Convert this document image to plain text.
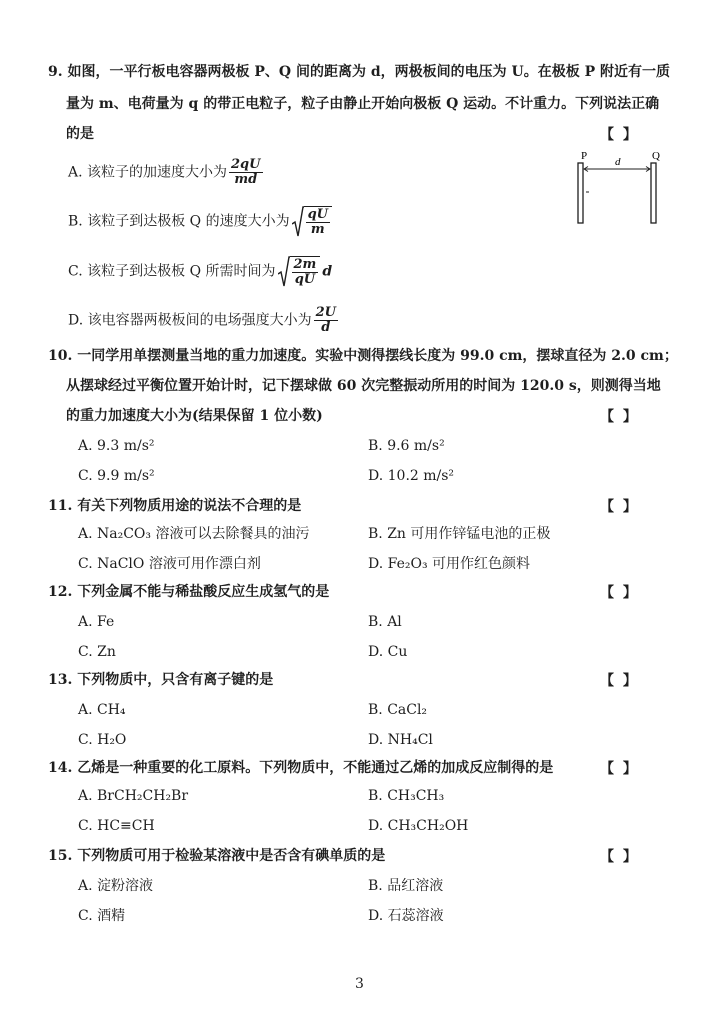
9. 如图，一平行板电容器两极板 P、Q 间的距离为 d，两极板间的电压为 U。在极板 P 附近有一质
量为 m、电荷量为 q 的带正电粒子，粒子由静止开始向极板 Q 运动。不计重力。下列说法正确
的是	【 】
A. 该粒子的加速度大小为 $\frac{2qU}{md}$
B. 该粒子到达极板 Q 的速度大小为 $\frac{qU}{m}$
C. 该粒子到达极板 Q 所需时间为 $\frac{2m}{qU}$ d
D. 该电容器两极板间的电场强度大小为 $\frac{2U}{d}$
P	Q
d
10. 一同学用单摆测量当地的重力加速度。实验中测得摆线长度为 99.0 cm，摆球直径为 2.0 cm；
从摆球经过平衡位置开始计时，记下摆球做 60 次完整振动所用的时间为 120.0 s，则测得当地
的重力加速度大小为(结果保留 1 位小数)	【 】
A. 9.3 m/s²	B. 9.6 m/s²
C. 9.9 m/s²	D. 10.2 m/s²
11. 有关下列物质用途的说法不合理的是	【 】
A. Na₂CO₃ 溶液可以去除餐具的油污	B. Zn 可用作锌锰电池的正极
C. NaClO 溶液可用作漂白剂	D. Fe₂O₃ 可用作红色颜料
12. 下列金属不能与稀盐酸反应生成氢气的是	【 】
A. Fe	B. Al
C. Zn	D. Cu
13. 下列物质中，只含有离子键的是	【 】
A. CH₄	B. CaCl₂
C. H₂O	D. NH₄Cl
14. 乙烯是一种重要的化工原料。下列物质中，不能通过乙烯的加成反应制得的是	【 】
A. BrCH₂CH₂Br	B. CH₃CH₃
C. HC≡CH	D. CH₃CH₂OH
15. 下列物质可用于检验某溶液中是否含有碘单质的是	【 】
A. 淀粉溶液	B. 品红溶液
C. 酒精	D. 石蕊溶液
3
